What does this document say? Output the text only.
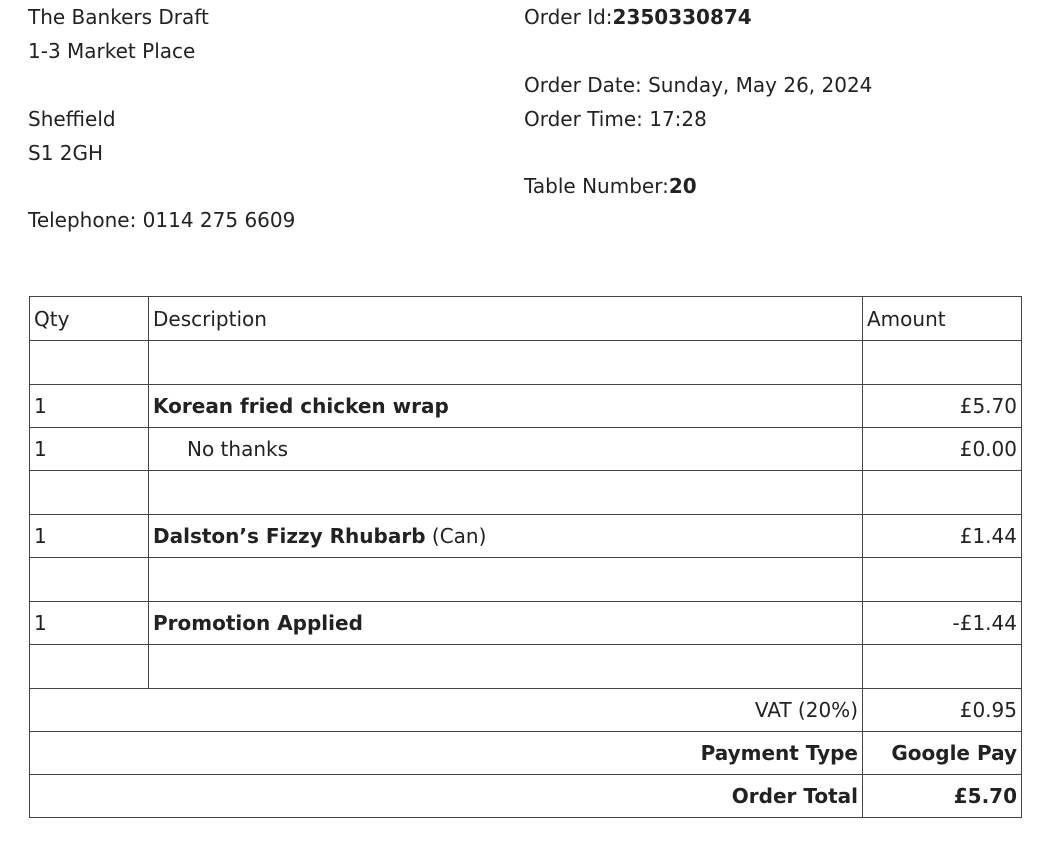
The Bankers Draft
1-3 Market Place
Sheffield
S1 2GH
Telephone: 0114 275 6609
Order Id:2350330874
Order Date: Sunday, May 26, 2024
Order Time: 17:28
Table Number:20
Qty	Description	Amount

1	Korean fried chicken wrap	£5.70
1	No thanks	£0.00

1	Dalston’s Fizzy Rhubarb (Can)	£1.44

1	Promotion Applied	-£1.44

VAT (20%)		£0.95
Payment Type		Google Pay
Order Total		£5.70
